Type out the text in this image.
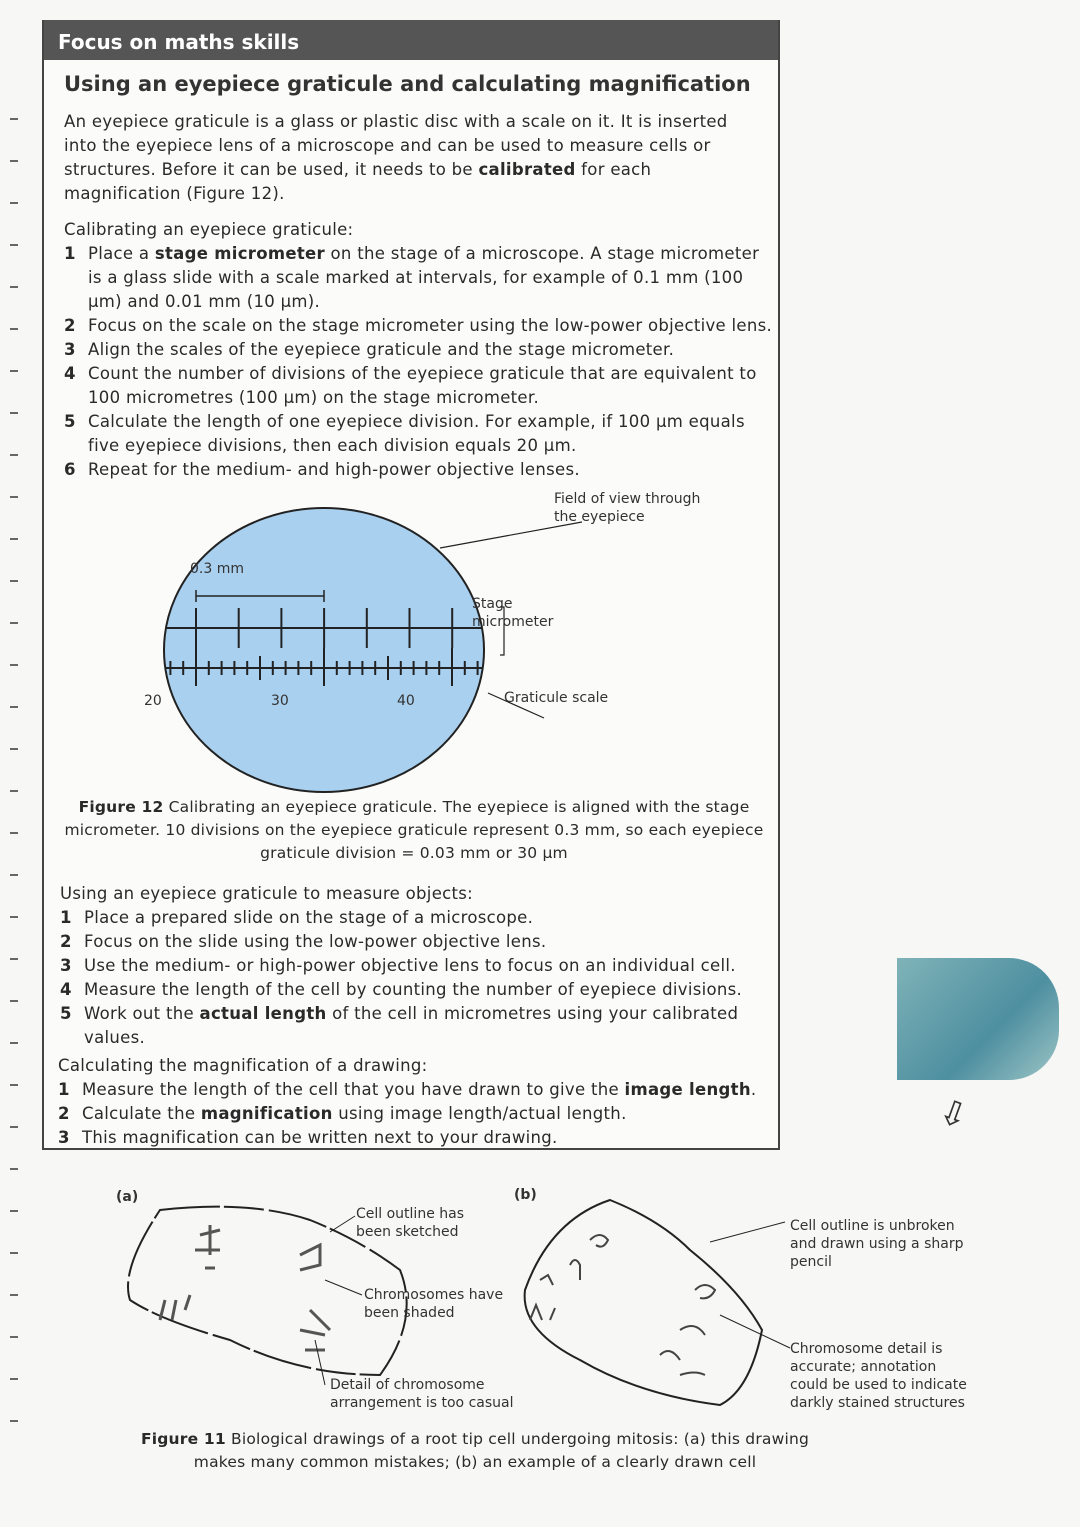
Focus on maths skills
Using an eyepiece graticule and calculating magnification
An eyepiece graticule is a glass or plastic disc with a scale on it. It is inserted into the eyepiece lens of a microscope and can be used to measure cells or structures. Before it can be used, it needs to be calibrated for each magnification (Figure 12).
Calibrating an eyepiece graticule:
1 Place a stage micrometer on the stage of a microscope. A stage micrometer is a glass slide with a scale marked at intervals, for example of 0.1 mm (100 µm) and 0.01 mm (10 µm).
2 Focus on the scale on the stage micrometer using the low-power objective lens.
3 Align the scales of the eyepiece graticule and the stage micrometer.
4 Count the number of divisions of the eyepiece graticule that are equivalent to 100 micrometres (100 µm) on the stage micrometer.
5 Calculate the length of one eyepiece division. For example, if 100 µm equals five eyepiece divisions, then each division equals 20 µm.
6 Repeat for the medium- and high-power objective lenses.
0.3 mm
20	30	40
Field of view through the eyepiece
Stage micrometer
Graticule scale
Figure 12 Calibrating an eyepiece graticule. The eyepiece is aligned with the stage micrometer. 10 divisions on the eyepiece graticule represent 0.3 mm, so each eyepiece graticule division = 0.03 mm or 30 µm
Using an eyepiece graticule to measure objects:
1 Place a prepared slide on the stage of a microscope.
2 Focus on the slide using the low-power objective lens.
3 Use the medium- or high-power objective lens to focus on an individual cell.
4 Measure the length of the cell by counting the number of eyepiece divisions.
5 Work out the actual length of the cell in micrometres using your calibrated values.
Calculating the magnification of a drawing:
1 Measure the length of the cell that you have drawn to give the image length.
2 Calculate the magnification using image length/actual length.
3 This magnification can be written next to your drawing.
⇧
(a)	(b)
Cell outline has been sketched
Chromosomes have been shaded
Detail of chromosome arrangement is too casual
Cell outline is unbroken and drawn using a sharp pencil
Chromosome detail is accurate; annotation could be used to indicate darkly stained structures
Figure 11 Biological drawings of a root tip cell undergoing mitosis: (a) this drawing makes many common mistakes; (b) an example of a clearly drawn cell
